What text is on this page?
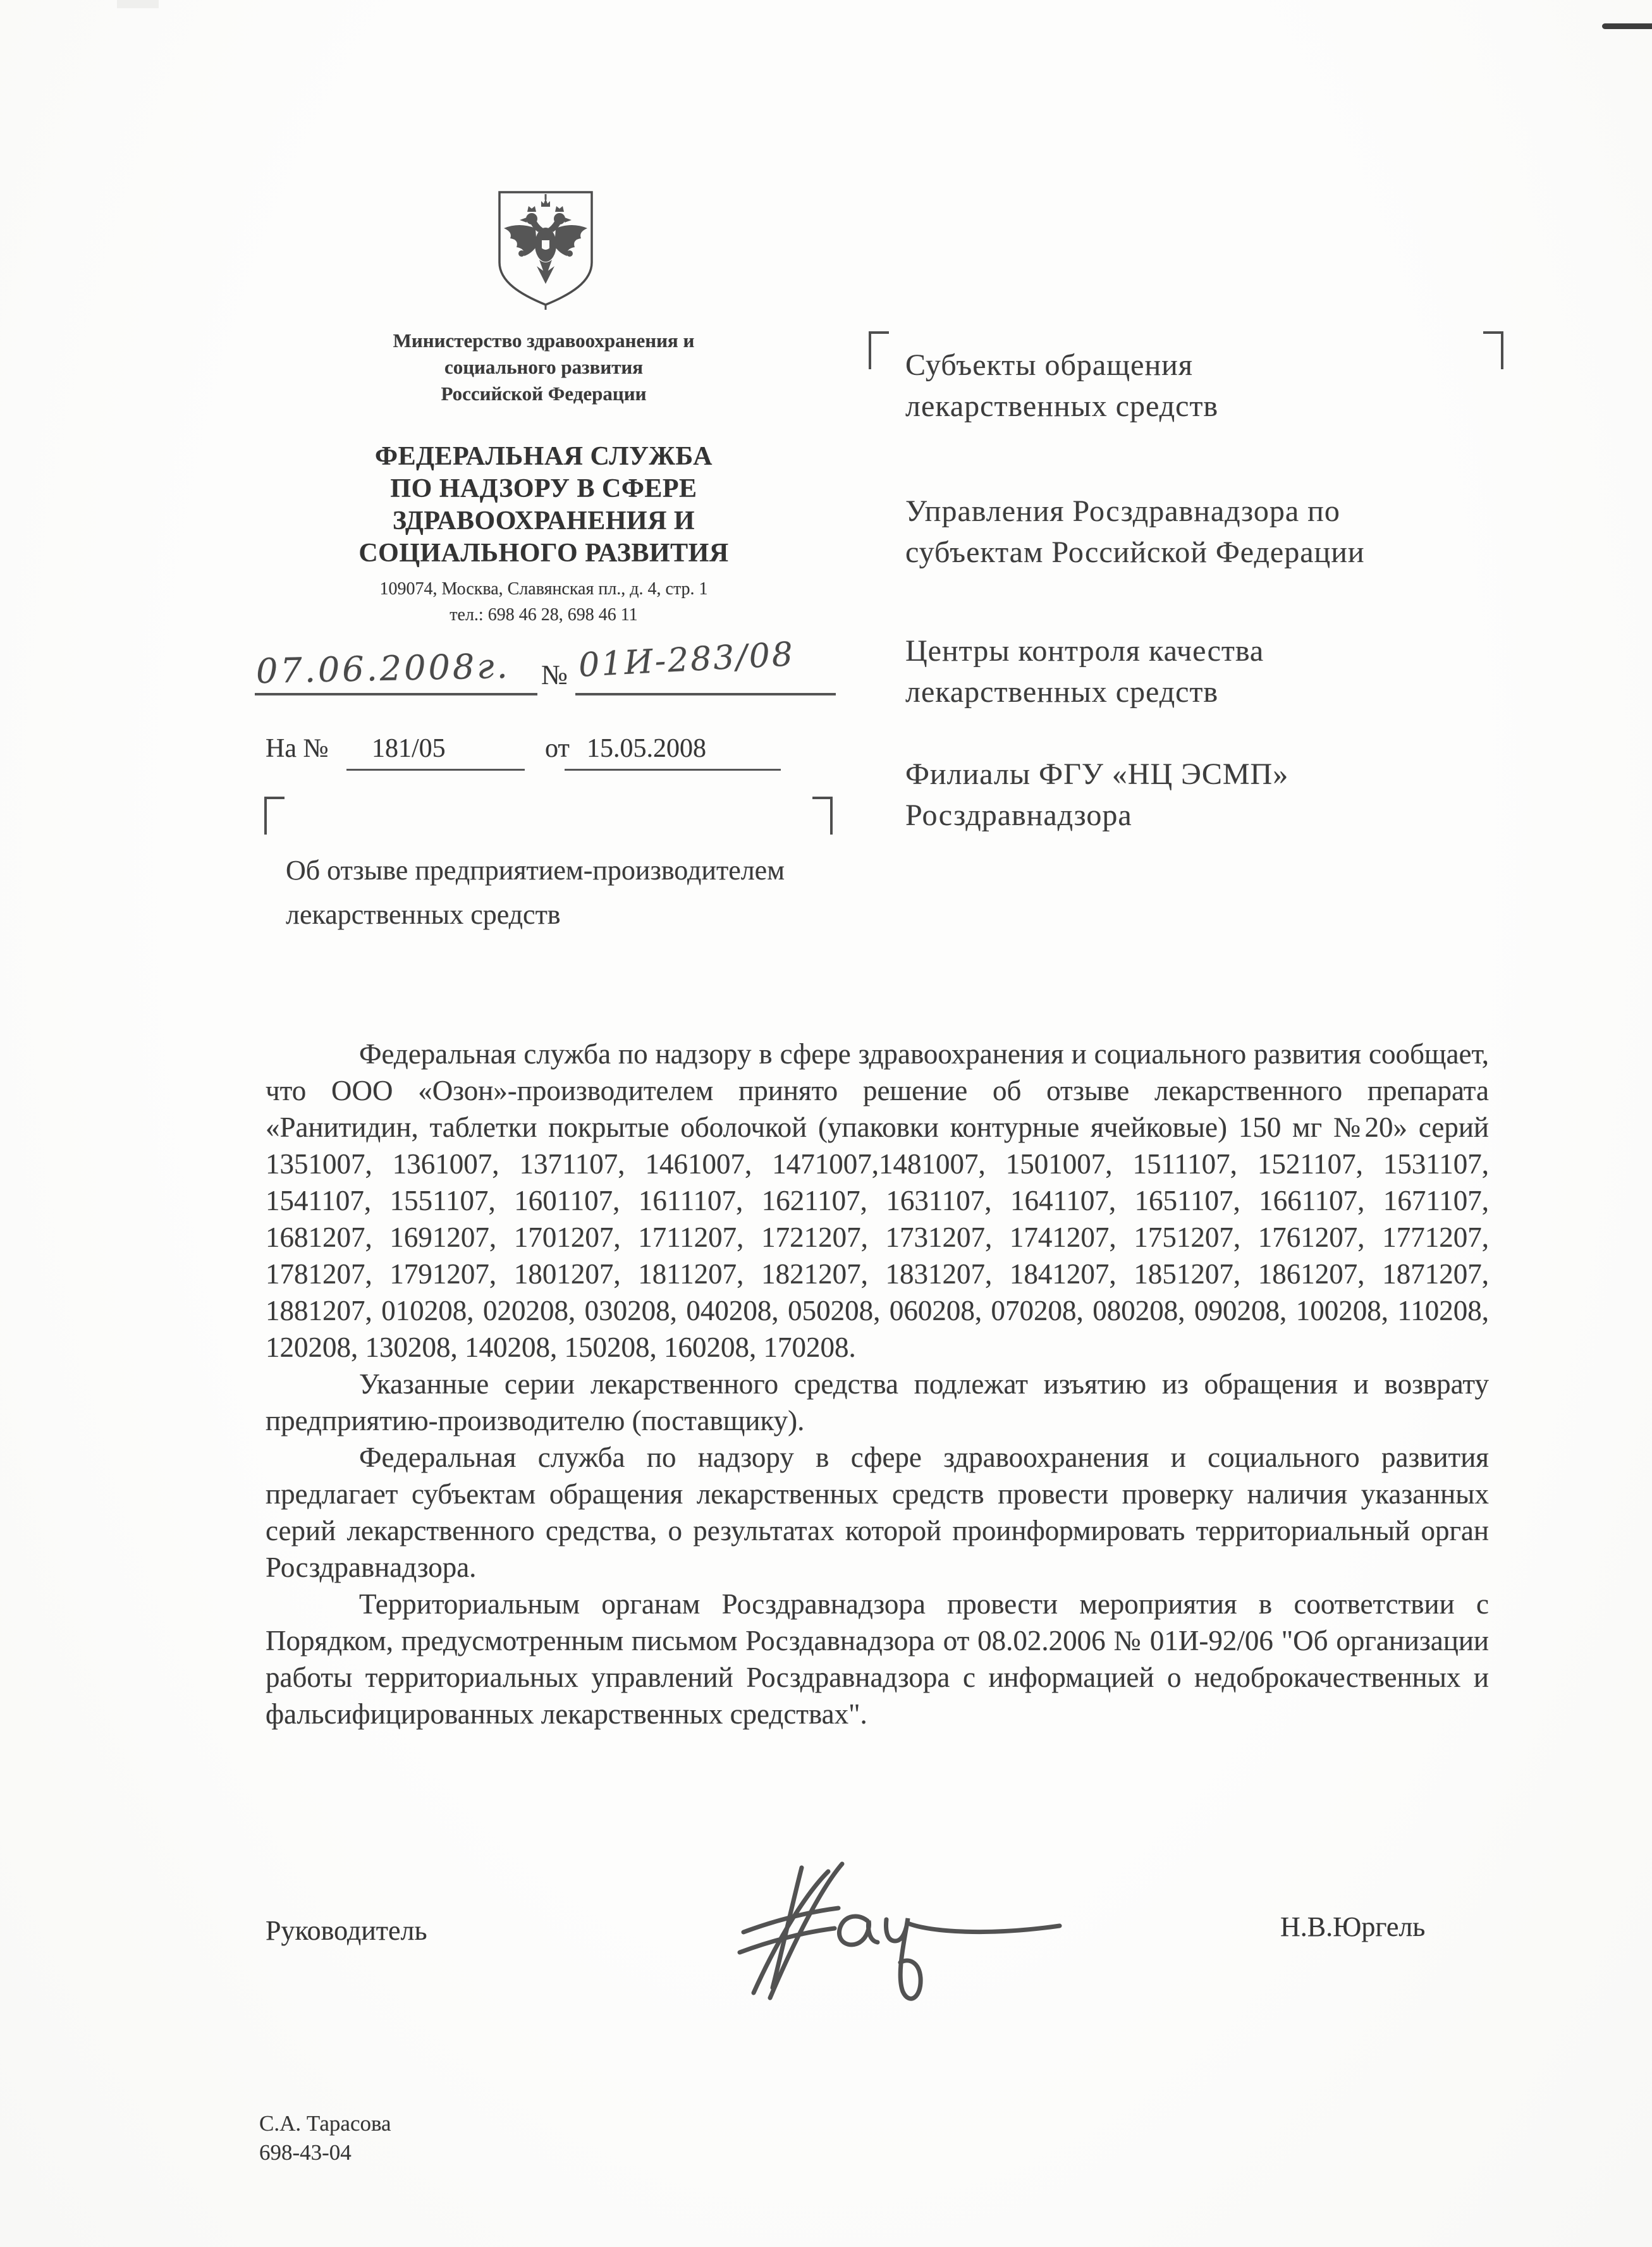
Министерство здравоохранения и
социального развития
Российской Федерации
ФЕДЕРАЛЬНАЯ СЛУЖБА
ПО НАДЗОРУ В СФЕРЕ
ЗДРАВООХРАНЕНИЯ И
СОЦИАЛЬНОГО РАЗВИТИЯ
109074, Москва, Славянская пл., д. 4, стр. 1
тел.: 698 46 28, 698 46 11
07.06.2008г. № 01И-283/08
На № 181/05	от 15.05.2008
Об отзыве предприятием-производителем
лекарственных средств
Субъекты обращения
лекарственных средств
Управления Росздравнадзора по
субъектам Российской Федерации
Центры контроля качества
лекарственных средств
Филиалы ФГУ «НЦ ЭСМП»
Росздравнадзора

Федеральная служба по надзору в сфере здравоохранения и социального развития сообщает, что ООО «Озон»-производителем принято решение об отзыве лекарственного препарата «Ранитидин, таблетки покрытые оболочкой (упаковки контурные ячейковые) 150 мг №20» серий 1351007, 1361007, 1371107, 1461007, 1471007,1481007, 1501007, 1511107, 1521107, 1531107, 1541107, 1551107, 1601107, 1611107, 1621107, 1631107, 1641107, 1651107, 1661107, 1671107, 1681207, 1691207, 1701207, 1711207, 1721207, 1731207, 1741207, 1751207, 1761207, 1771207, 1781207, 1791207, 1801207, 1811207, 1821207, 1831207, 1841207, 1851207, 1861207, 1871207, 1881207, 010208, 020208, 030208, 040208, 050208, 060208, 070208, 080208, 090208, 100208, 110208, 120208, 130208, 140208, 150208, 160208, 170208.

Указанные серии лекарственного средства подлежат изъятию из обращения и возврату предприятию-производителю (поставщику).

Федеральная служба по надзору в сфере здравоохранения и социального развития предлагает субъектам обращения лекарственных средств провести проверку наличия указанных серий лекарственного средства, о результатах которой проинформировать территориальный орган Росздравнадзора.

Территориальным органам Росздравнадзора провести мероприятия в соответствии с Порядком, предусмотренным письмом Росздавнадзора от 08.02.2006 № 01И-92/06 "Об организации работы территориальных управлений Росздравнадзора с информацией о недоброкачественных и фальсифицированных лекарственных средствах".

Руководитель	Н.В.Юргель
С.А. Тарасова
698-43-04
